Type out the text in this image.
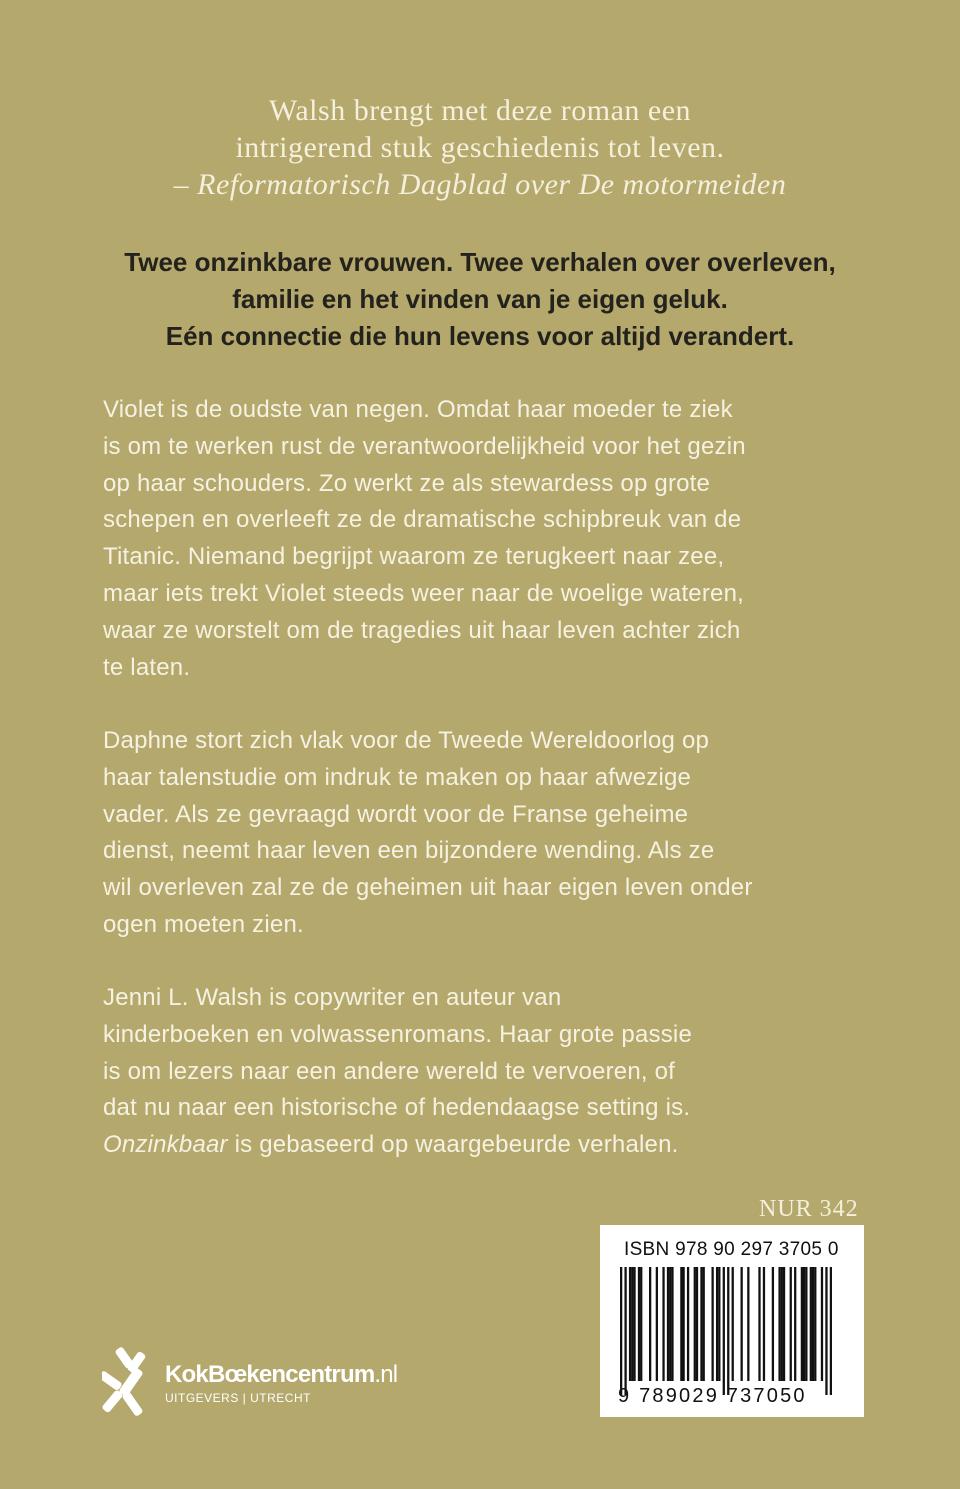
Walsh brengt met deze roman een
intrigerend stuk geschiedenis tot leven.
– Reformatorisch Dagblad over De motormeiden
Twee onzinkbare vrouwen. Twee verhalen over overleven,
familie en het vinden van je eigen geluk.
Eén connectie die hun levens voor altijd verandert.
Violet is de oudste van negen. Omdat haar moeder te ziek
is om te werken rust de verantwoordelijkheid voor het gezin
op haar schouders. Zo werkt ze als stewardess op grote
schepen en overleeft ze de dramatische schipbreuk van de
Titanic. Niemand begrijpt waarom ze terugkeert naar zee,
maar iets trekt Violet steeds weer naar de woelige wateren,
waar ze worstelt om de tragedies uit haar leven achter zich
te laten.
Daphne stort zich vlak voor de Tweede Wereldoorlog op
haar talenstudie om indruk te maken op haar afwezige
vader. Als ze gevraagd wordt voor de Franse geheime
dienst, neemt haar leven een bijzondere wending. Als ze
wil overleven zal ze de geheimen uit haar eigen leven onder
ogen moeten zien.
Jenni L. Walsh is copywriter en auteur van
kinderboeken en volwassenromans. Haar grote passie
is om lezers naar een andere wereld te vervoeren, of
dat nu naar een historische of hedendaagse setting is.
Onzinkbaar is gebaseerd op waargebeurde verhalen.
NUR 342
ISBN 978 90 297 3705 0
9 789029 737050
KokBœkencentrum.nl
UITGEVERS | UTRECHT
